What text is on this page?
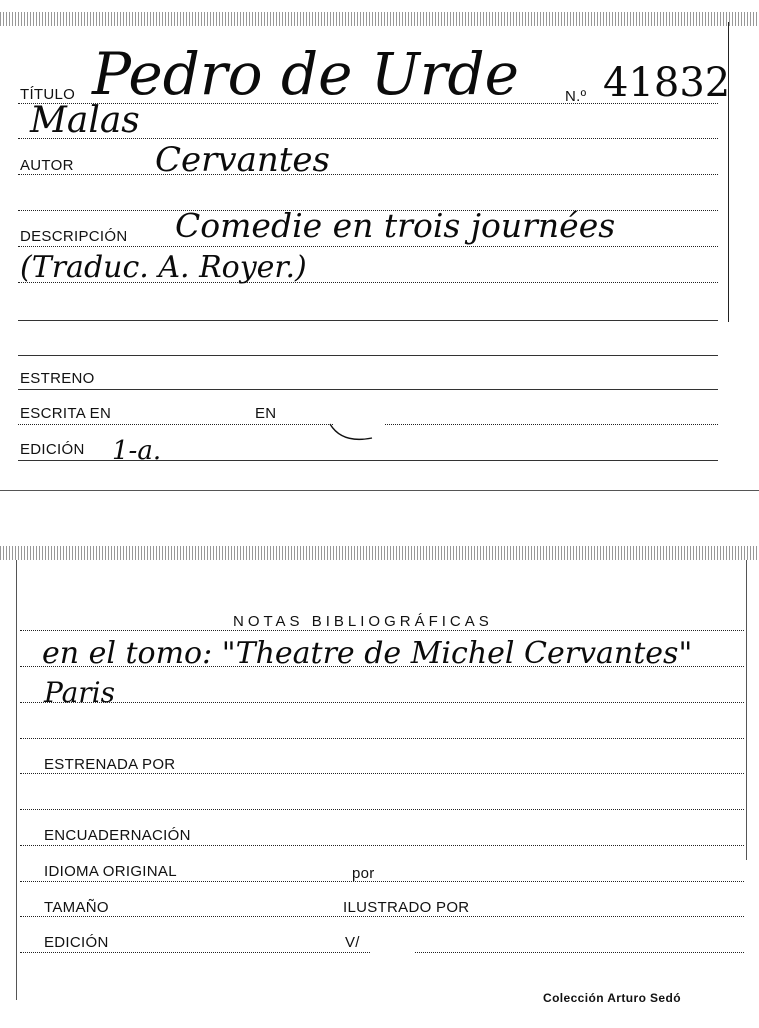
TÍTULO Pedro de Urde	N.º 41832
Malas
AUTOR Cervantes
DESCRIPCIÓN Comedie en trois journées
(Traduc. A. Royer.)
ESTRENO
ESCRITA EN	EN
EDICIÓN 1-a.
NOTAS BIBLIOGRÁFICAS
en el tomo: "Theatre de Michel Cervantes"
Paris
ESTRENADA POR
ENCUADERNACIÓN
IDIOMA ORIGINAL	por
TAMAÑO	ILUSTRADO POR
EDICIÓN	V/
Colección Arturo Sedó
